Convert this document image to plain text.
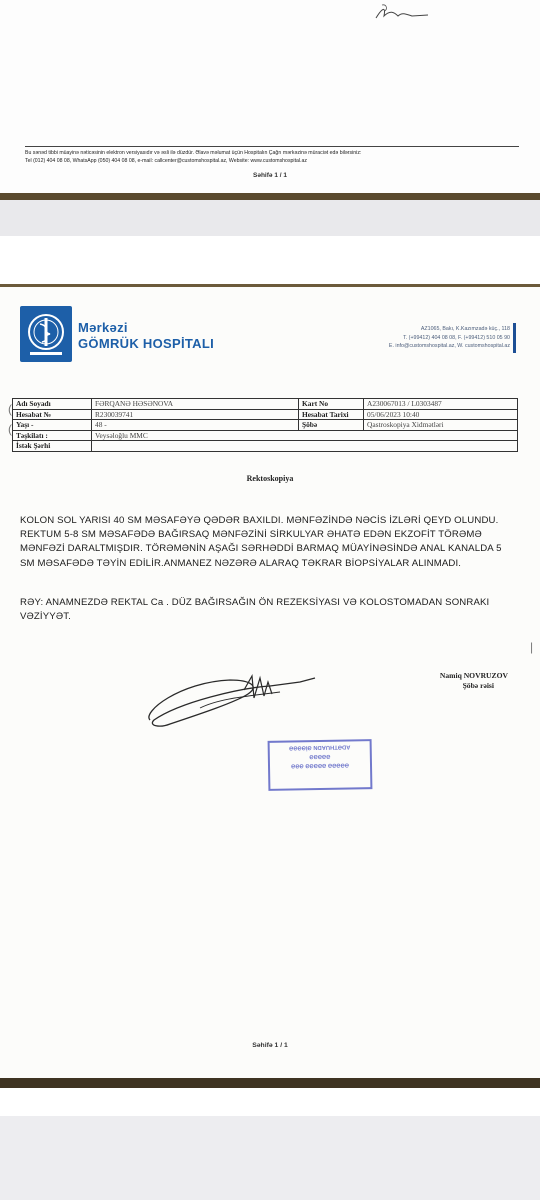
Bu sənəd tibbi müayinə nəticəsinin elektron versiyasıdır və əsli ilə düzdür. Əlavə məlumat üçün Hospitalın Çağrı mərkəzinə müraciət edə bilərsiniz:
Tel (012) 404 08 08, WhatsApp (050) 404 08 08, e-mail: callcenter@customshospital.az, Website: www.customshospital.az
Səhifə 1 / 1
Mərkəzi
GÖMRÜK HOSPİTALI
AZ1065, Bakı, K.Kazımzadə küç., 118
T. (+99412) 404 08 08, F. (+99412) 510 05 90
E. info@customshospital.az, W. customshospital.az
Adı Soyadı	FƏRQANƏ HƏSƏNOVA	Kart No	A230067013 / L0303487
Hesabat №	R230039741	Hesabat Tarixi	05/06/2023 10:40
Yaşı -	48 -	Şöbə	Qastroskopiya Xidmətləri
Təşkilatı :	Veysəloğlu MMC		
İstək Şərhi			
Rektoskopiya
KOLON SOL YARISI 40 SM MƏSAFƏYƏ QƏDƏR BAXILDI. MƏNFƏZİNDƏ NƏCİS İZLƏRİ QEYD OLUNDU. REKTUM 5-8 SM MƏSAFƏDƏ BAĞIRSAQ MƏNFƏZİNİ SİRKULYAR ƏHATƏ EDƏN EKZOFİT TÖRƏMƏ MƏNFƏZİ DARALTMIŞDIR. TÖRƏMƏNİN AŞAĞI SƏRHƏDDİ BARMAQ MÜAYİNƏSİNDƏ ANAL KANALDA 5 SM MƏSAFƏDƏ TƏYİN EDİLİR.ANMANEZ NƏZƏRƏ ALARAQ TƏKRAR BİOPSİYALAR ALINMADI.
RƏY: ANAMNEZDƏ REKTAL Ca . DÜZ BAĞIRSAĞIN ÖN REZEKSİYASI VƏ KOLOSTOMADAN SONRAKI VƏZİYYƏT.
Namiq NOVRUZOV
Şöbə rəisi
ADƏTHUADN ƏİƏƏƏƏ
ƏƏƏƏƏ
ƏƏƏƏƏ ƏƏƏƏƏ ƏƏƏ
Səhifə 1 / 1
(
(
|
